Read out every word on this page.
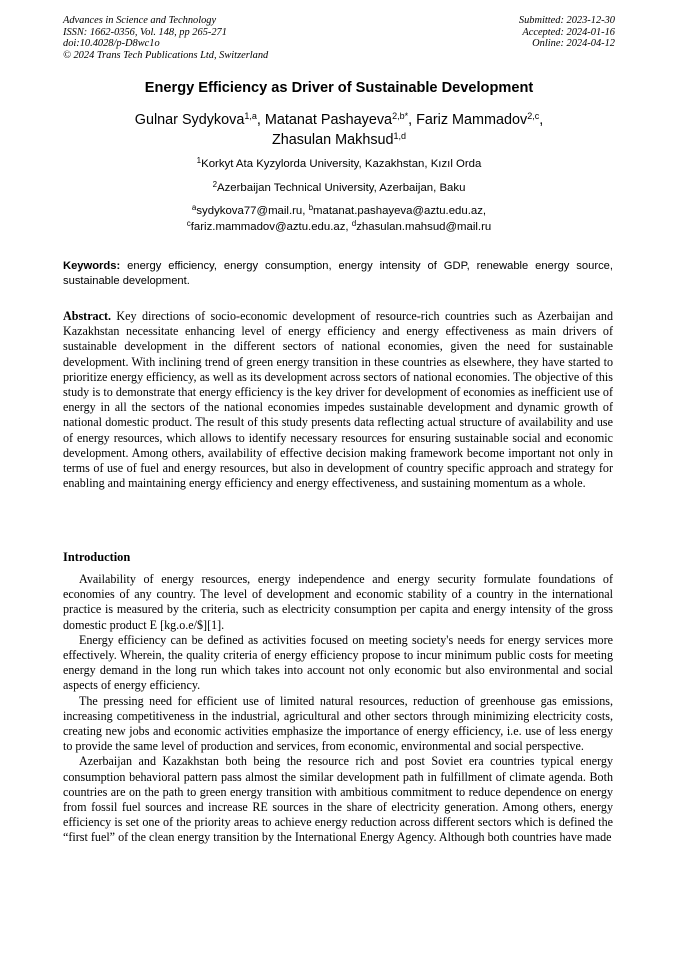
Advances in Science and Technology
ISSN: 1662-0356, Vol. 148, pp 265-271
doi:10.4028/p-D8wc1o
© 2024 Trans Tech Publications Ltd, Switzerland
Submitted: 2023-12-30
Accepted: 2024-01-16
Online: 2024-04-12
Energy Efficiency as Driver of Sustainable Development
Gulnar Sydykova$^{1,a}$, Matanat Pashayeva$^{2,b*}$, Fariz Mammadov$^{2,c}$,
Zhasulan Makhsud$^{1,d}$
$^1$Korkyt Ata Kyzylorda University, Kazakhstan, Kızıl Orda
$^2$Azerbaijan Technical University, Azerbaijan, Baku
$^a$sydykova77@mail.ru, $^b$matanat.pashayeva@aztu.edu.az,
$^c$fariz.mammadov@aztu.edu.az, $^d$zhasulan.mahsud@mail.ru
Keywords: energy efficiency, energy consumption, energy intensity of GDP, renewable energy source, sustainable development.
Abstract. Key directions of socio-economic development of resource-rich countries such as Azerbaijan and Kazakhstan necessitate enhancing level of energy efficiency and energy effectiveness as main drivers of sustainable development in the different sectors of national economies, given the need for sustainable development. With inclining trend of green energy transition in these countries as elsewhere, they have started to prioritize energy efficiency, as well as its development across sectors of national economies. The objective of this study is to demonstrate that energy efficiency is the key driver for development of economies as inefficient use of energy in all the sectors of the national economies impedes sustainable development and dynamic growth of national domestic product. The result of this study presents data reflecting actual structure of availability and use of energy resources, which allows to identify necessary resources for ensuring sustainable social and economic development. Among others, availability of effective decision making framework become important not only in terms of use of fuel and energy resources, but also in development of country specific approach and strategy for enabling and maintaining energy efficiency and energy effectiveness, and sustaining momentum as a whole.
Introduction

Availability of energy resources, energy independence and energy security formulate foundations of economies of any country. The level of development and economic stability of a country in the international practice is measured by the criteria, such as electricity consumption per capita and energy intensity of the gross domestic product E [kg.o.e/$][1].

Energy efficiency can be defined as activities focused on meeting society's needs for energy services more effectively. Wherein, the quality criteria of energy efficiency propose to incur minimum public costs for meeting energy demand in the long run which takes into account not only economic but also environmental and social aspects of energy efficiency.

The pressing need for efficient use of limited natural resources, reduction of greenhouse gas emissions, increasing competitiveness in the industrial, agricultural and other sectors through minimizing electricity costs, creating new jobs and economic activities emphasize the importance of energy efficiency, i.e. use of less energy to provide the same level of production and services, from economic, environmental and social perspective.

Azerbaijan and Kazakhstan both being the resource rich and post Soviet era countries typical energy consumption behavioral pattern pass almost the similar development path in fulfillment of climate agenda. Both countries are on the path to green energy transition with ambitious commitment to reduce dependence on energy from fossil fuel sources and increase RE sources in the share of electricity generation. Among others, energy efficiency is set one of the priority areas to achieve energy reduction across different sectors which is defined the “first fuel” of the clean energy transition by the International Energy Agency. Although both countries have made
